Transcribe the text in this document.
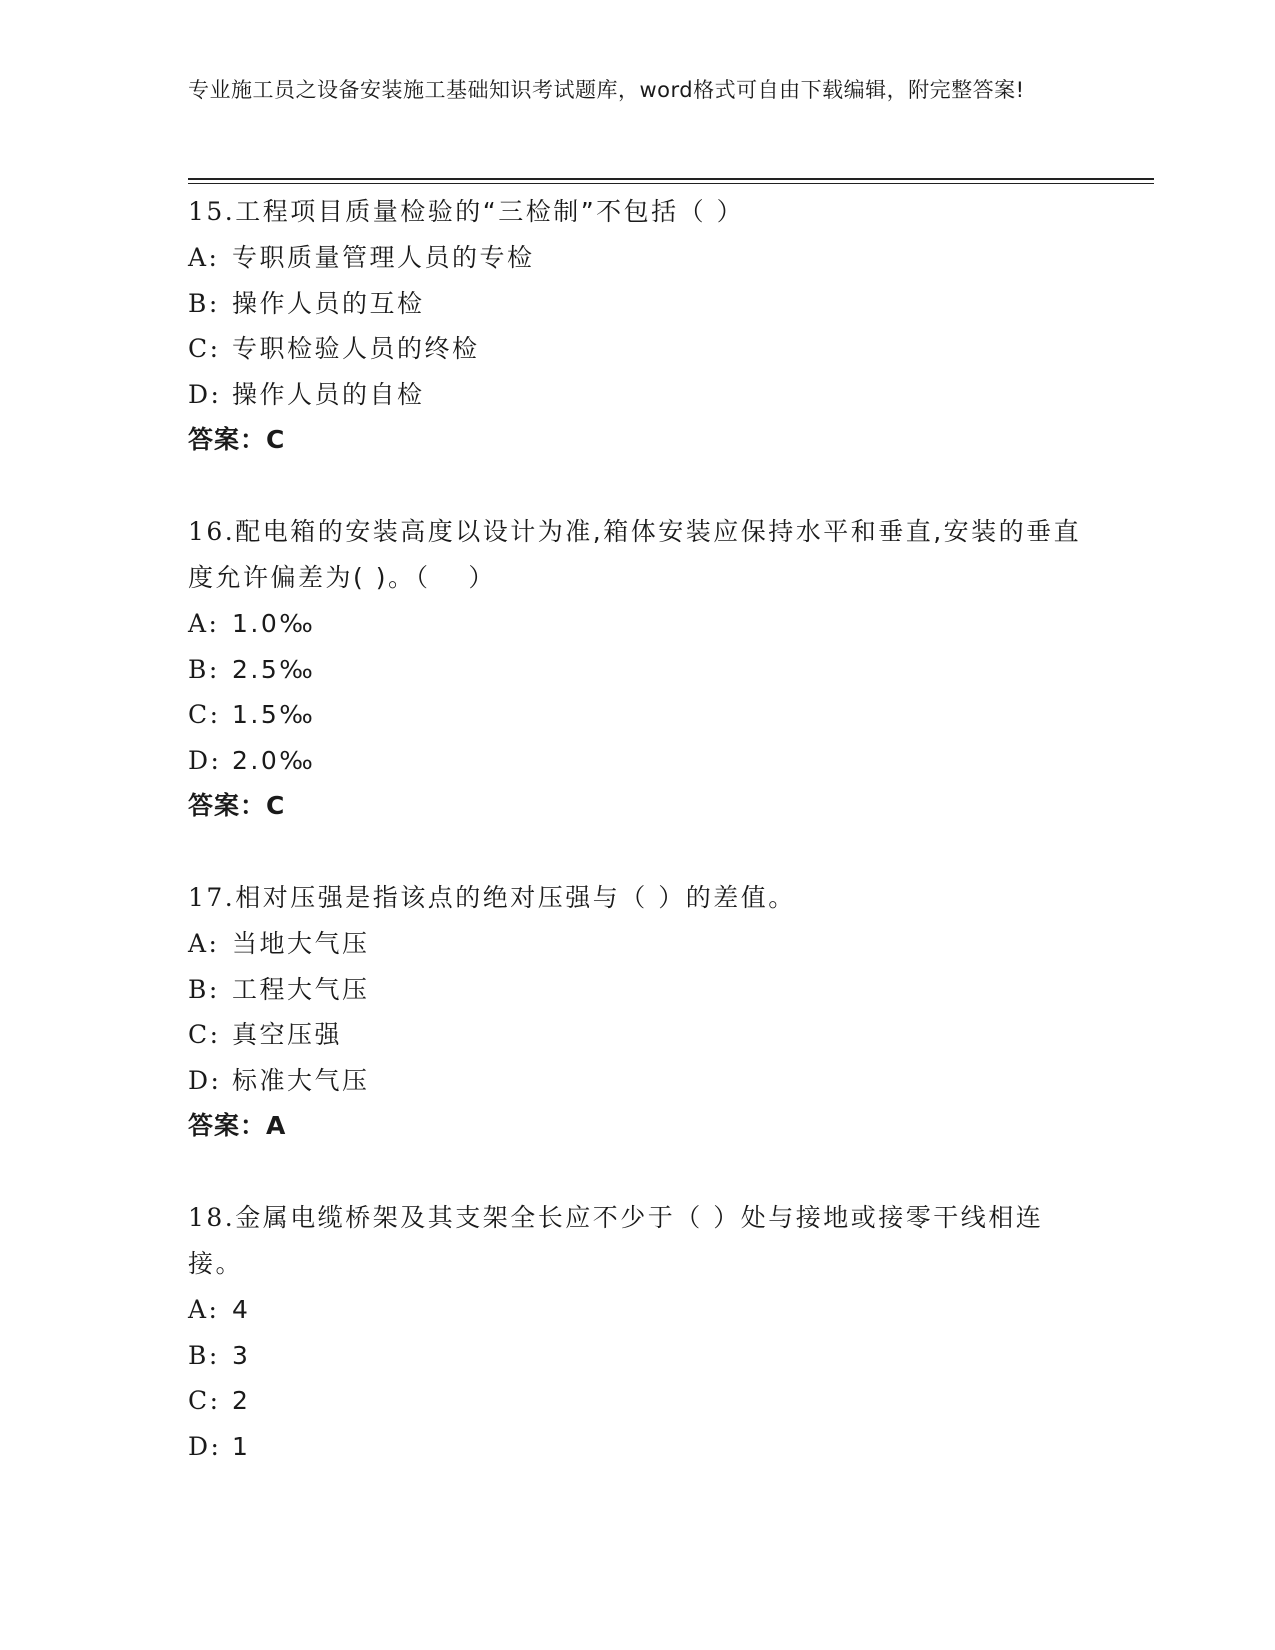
专业施工员之设备安装施工基础知识考试题库，word格式可自由下载编辑，附完整答案!
15.工程项目质量检验的“三检制”不包括（ ）
A: 专职质量管理人员的专检
B: 操作人员的互检
C: 专职检验人员的终检
D: 操作人员的自检
答案：C
16.配电箱的安装高度以设计为准,箱体安装应保持水平和垂直,安装的垂直度允许偏差为( )。（　 ）
A: 1.0‰
B: 2.5‰
C: 1.5‰
D: 2.0‰
答案：C
17.相对压强是指该点的绝对压强与（ ）的差值。
A: 当地大气压
B: 工程大气压
C: 真空压强
D: 标准大气压
答案：A
18.金属电缆桥架及其支架全长应不少于（ ）处与接地或接零干线相连接。
A: 4
B: 3
C: 2
D: 1
